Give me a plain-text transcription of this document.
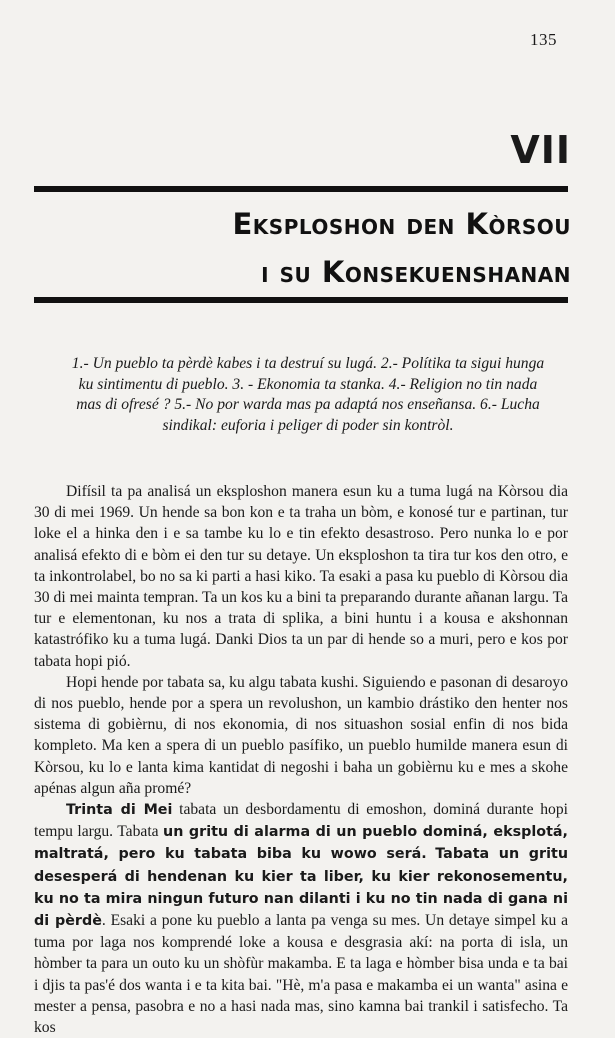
135
VII
Eksploshon den Kòrsou
i su Konsekuenshanan
1.- Un pueblo ta pèrdè kabes i ta destruí su lugá. 2.- Polítika ta sigui hunga ku sintimentu di pueblo. 3. - Ekonomia ta stanka. 4.- Religion no tin nada mas di ofresé ? 5.- No por warda mas pa adaptá nos enseñansa. 6.- Lucha sindikal: euforia i peliger di poder sin kontròl.

Difísil ta pa analisá un eksploshon manera esun ku a tuma lugá na Kòrsou dia 30 di mei 1969. Un hende sa bon kon e ta traha un bòm, e konosé tur e partinan, tur loke el a hinka den i e sa tambe ku lo e tin efekto desastroso. Pero nunka lo e por analisá efekto di e bòm ei den tur su detaye. Un eksploshon ta tira tur kos den otro, e ta inkontrolabel, bo no sa ki parti a hasi kiko. Ta esaki a pasa ku pueblo di Kòrsou dia 30 di mei mainta tempran. Ta un kos ku a bini ta preparando durante añanan largu. Ta tur e elementonan, ku nos a trata di splika, a bini huntu i a kousa e akshonnan katastrófiko ku a tuma lugá. Danki Dios ta un par di hende so a muri, pero e kos por tabata hopi pió.

Hopi hende por tabata sa, ku algu tabata kushi. Siguiendo e pasonan di desaroyo di nos pueblo, hende por a spera un revolushon, un kambio drástiko den henter nos sistema di gobièrnu, di nos ekonomia, di nos situashon sosial enfin di nos bida kompleto. Ma ken a spera di un pueblo pasífiko, un pueblo humilde manera esun di Kòrsou, ku lo e lanta kima kantidat di negoshi i baha un gobièrnu ku e mes a skohe apénas algun aña promé?

Trinta di Mei tabata un desbordamentu di emoshon, dominá durante hopi tempu largu. Tabata un gritu di alarma di un pueblo dominá, eksplotá, maltratá, pero ku tabata biba ku wowo será. Tabata un gritu desesperá di hendenan ku kier ta liber, ku kier rekonosementu, ku no ta mira ningun futuro nan dilanti i ku no tin nada di gana ni di pèrdè. Esaki a pone ku pueblo a lanta pa venga su mes. Un detaye simpel ku a tuma por laga nos komprendé loke a kousa e desgrasia akí: na porta di isla, un hòmber ta para un outo ku un shòfùr makamba. E ta laga e hòmber bisa unda e ta bai i djis ta pas'é dos wanta i e ta kita bai. "Hè, m'a pasa e makamba ei un wanta" asina e mester a pensa, pasobra e no a hasi nada mas, sino kamna bai trankil i satisfecho. Ta kos
